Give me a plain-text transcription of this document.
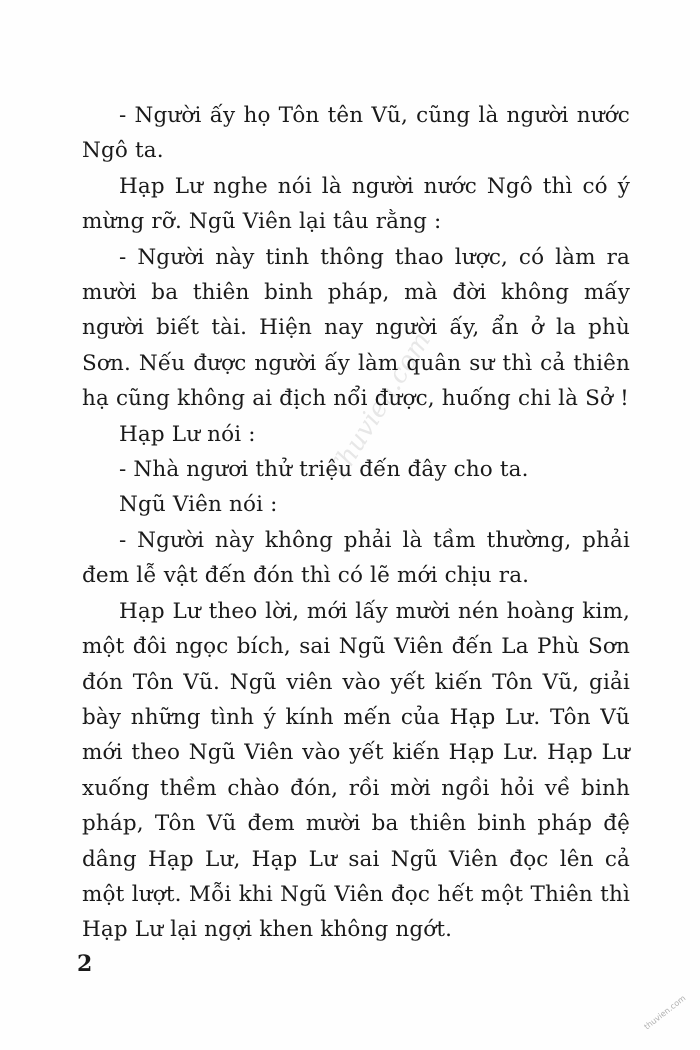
Thuvien.com

- Người ấy họ Tôn tên Vũ, cũng là người nước Ngô ta.

Hạp Lư nghe nói là người nước Ngô thì có ý mừng rỡ. Ngũ Viên lại tâu rằng :

- Người này tinh thông thao lược, có làm ra mười ba thiên binh pháp, mà đời không mấy người biết tài. Hiện nay người ấy, ẩn ở la phù Sơn. Nếu được người ấy làm quân sư thì cả thiên hạ cũng không ai địch nổi được, huống chi là Sở !

Hạp Lư nói :

- Nhà ngươi thử triệu đến đây cho ta.

Ngũ Viên nói :

- Người này không phải là tầm thường, phải đem lễ vật đến đón thì có lẽ mới chịu ra.

Hạp Lư theo lời, mới lấy mười nén hoàng kim, một đôi ngọc bích, sai Ngũ Viên đến La Phù Sơn đón Tôn Vũ. Ngũ viên vào yết kiến Tôn Vũ, giải bày những tình ý kính mến của Hạp Lư. Tôn Vũ mới theo Ngũ Viên vào yết kiến Hạp Lư. Hạp Lư xuống thềm chào đón, rồi mời ngồi hỏi về binh pháp, Tôn Vũ đem mười ba thiên binh pháp đệ dâng Hạp Lư, Hạp Lư sai Ngũ Viên đọc lên cả một lượt. Mỗi khi Ngũ Viên đọc hết một Thiên thì Hạp Lư lại ngợi khen không ngớt.

2
thuvien.com
